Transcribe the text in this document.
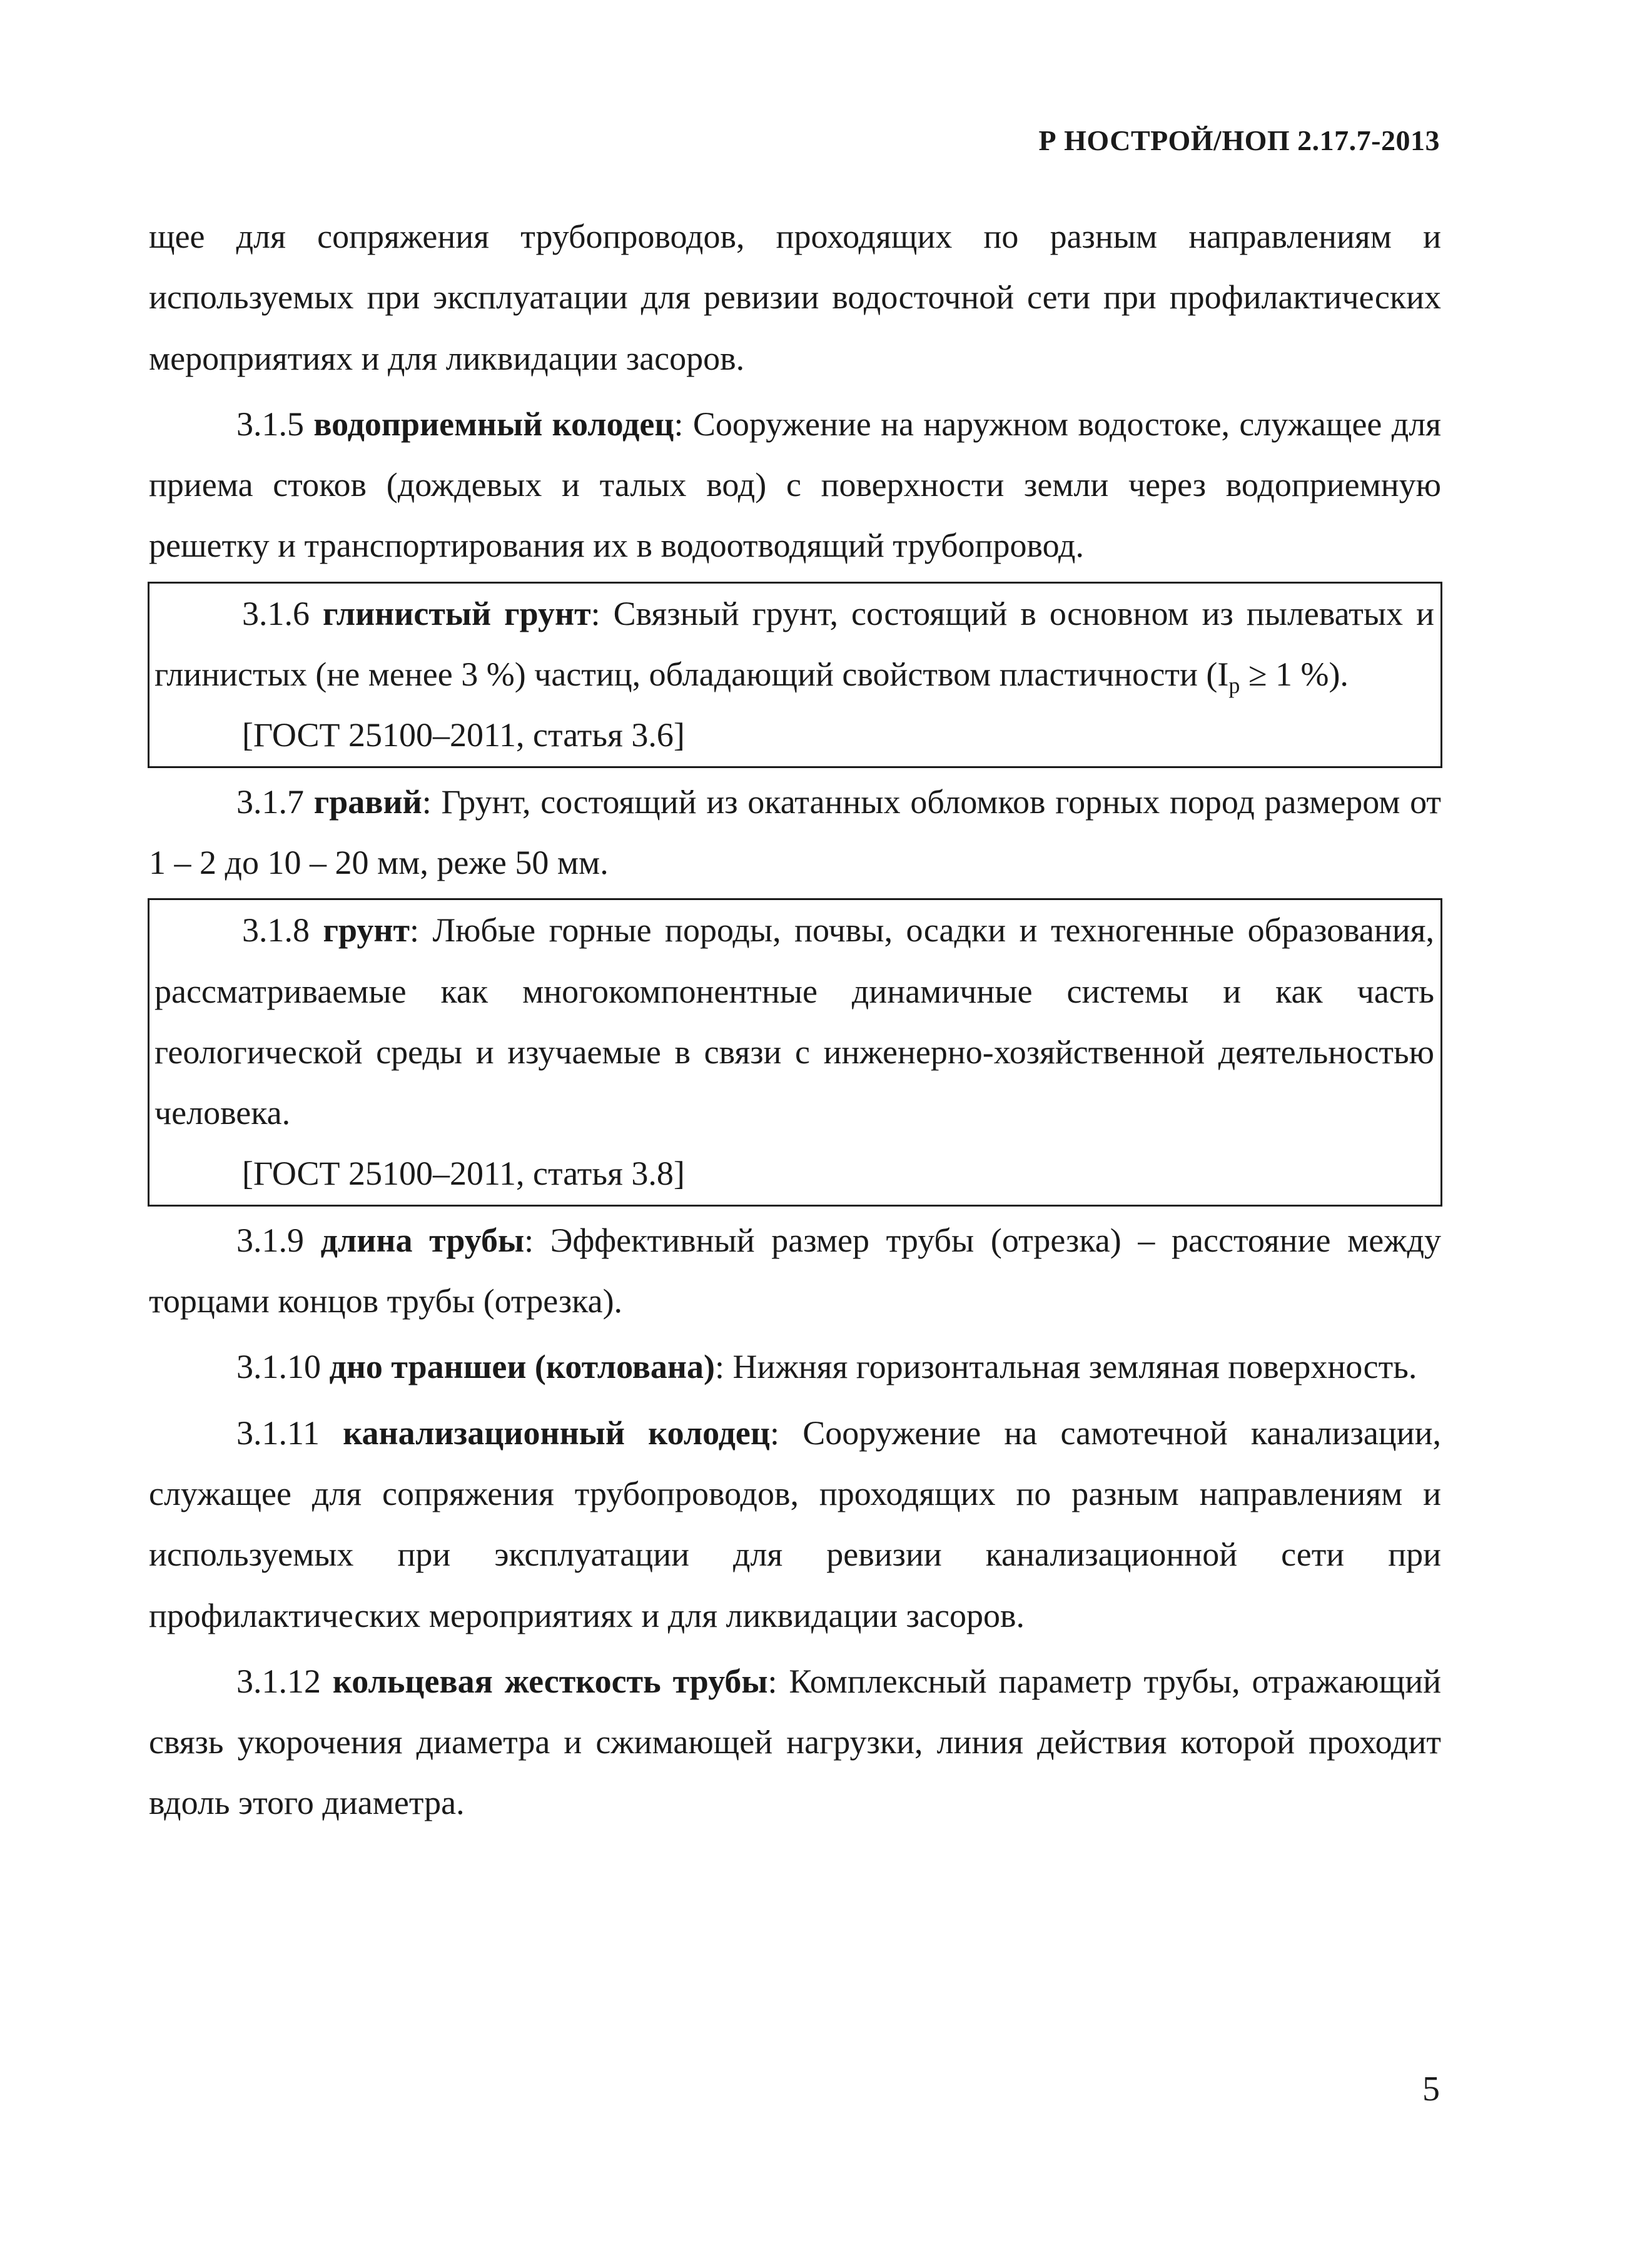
Р НОСТРОЙ/НОП 2.17.7-2013

щее для сопряжения трубопроводов, проходящих по разным направлениям и используемых при эксплуатации для ревизии водосточной сети при профилактических мероприятиях и для ликвидации засоров.

3.1.5 водоприемный колодец: Сооружение на наружном водостоке, служащее для приема стоков (дождевых и талых вод) с поверхности земли через водоприемную решетку и транспортирования их в водоотводящий трубопровод.

3.1.6 глинистый грунт: Связный грунт, состоящий в основном из пылеватых и глинистых (не менее 3 %) частиц, обладающий свойством пластичности ($I_p \ge 1$ %).

[ГОСТ 25100–2011, статья 3.6]

3.1.7 гравий: Грунт, состоящий из окатанных обломков горных пород размером от 1 – 2 до 10 – 20 мм, реже 50 мм.

3.1.8 грунт: Любые горные породы, почвы, осадки и техногенные образования, рассматриваемые как многокомпонентные динамичные системы и как часть геологической среды и изучаемые в связи с инженерно-хозяйственной деятельностью человека.

[ГОСТ 25100–2011, статья 3.8]

3.1.9 длина трубы: Эффективный размер трубы (отрезка) – расстояние между торцами концов трубы (отрезка).

3.1.10 дно траншеи (котлована): Нижняя горизонтальная земляная поверхность.

3.1.11 канализационный колодец: Сооружение на самотечной канализации, служащее для сопряжения трубопроводов, проходящих по разным направлениям и используемых при эксплуатации для ревизии канализационной сети при профилактических мероприятиях и для ликвидации засоров.

3.1.12 кольцевая жесткость трубы: Комплексный параметр трубы, отражающий связь укорочения диаметра и сжимающей нагрузки, линия действия которой проходит вдоль этого диаметра.

5
